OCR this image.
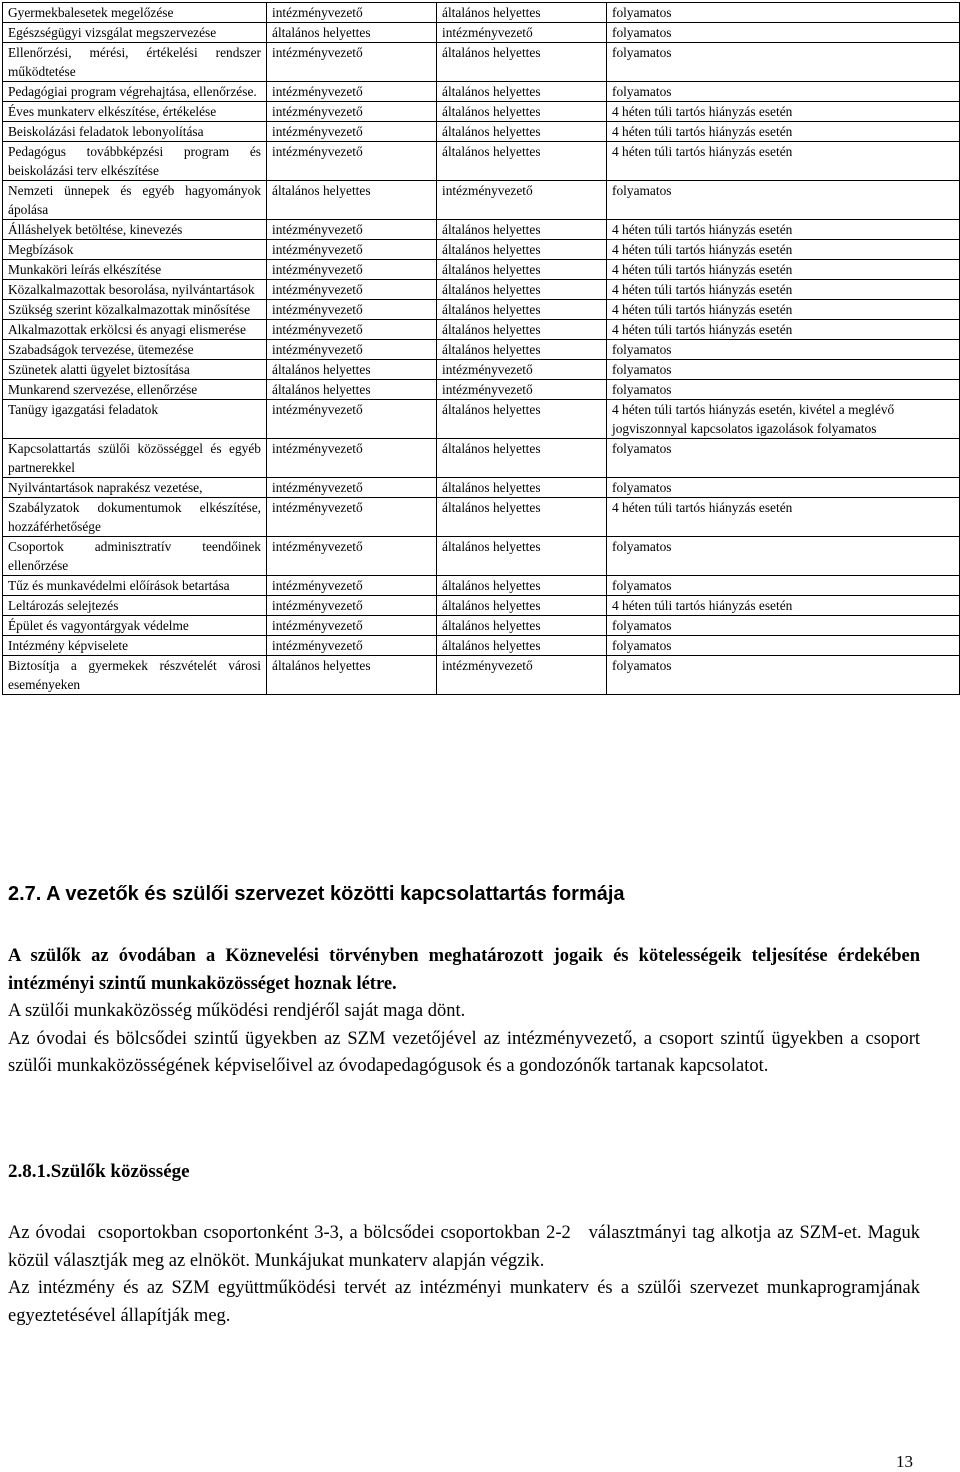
Gyermekbalesetek megelőzése	intézményvezető	általános helyettes	folyamatos
Egészségügyi vizsgálat megszervezése	általános helyettes	intézményvezető	folyamatos
Ellenőrzési, mérési, értékelési rendszer működtetése	intézményvezető	általános helyettes	folyamatos
Pedagógiai program végrehajtása, ellenőrzése.	intézményvezető	általános helyettes	folyamatos
Éves munkaterv elkészítése, értékelése	intézményvezető	általános helyettes	4 héten túli tartós hiányzás esetén
Beiskolázási feladatok lebonyolítása	intézményvezető	általános helyettes	4 héten túli tartós hiányzás esetén
Pedagógus továbbképzési program és beiskolázási terv elkészítése	intézményvezető	általános helyettes	4 héten túli tartós hiányzás esetén
Nemzeti ünnepek és egyéb hagyományok ápolása	általános helyettes	intézményvezető	folyamatos
Álláshelyek betöltése, kinevezés	intézményvezető	általános helyettes	4 héten túli tartós hiányzás esetén
Megbízások	intézményvezető	általános helyettes	4 héten túli tartós hiányzás esetén
Munkaköri leírás elkészítése	intézményvezető	általános helyettes	4 héten túli tartós hiányzás esetén
Közalkalmazottak besorolása, nyilvántartások	intézményvezető	általános helyettes	4 héten túli tartós hiányzás esetén
Szükség szerint közalkalmazottak minősítése	intézményvezető	általános helyettes	4 héten túli tartós hiányzás esetén
Alkalmazottak erkölcsi és anyagi elismerése	intézményvezető	általános helyettes	4 héten túli tartós hiányzás esetén
Szabadságok tervezése, ütemezése	intézményvezető	általános helyettes	folyamatos
Szünetek alatti ügyelet biztosítása	általános helyettes	intézményvezető	folyamatos
Munkarend szervezése, ellenőrzése	általános helyettes	intézményvezető	folyamatos
Tanügy igazgatási feladatok	intézményvezető	általános helyettes	4 héten túli tartós hiányzás esetén, kivétel a meglévő jogviszonnyal kapcsolatos igazolások folyamatos
Kapcsolattartás szülői közösséggel és egyéb partnerekkel	intézményvezető	általános helyettes	folyamatos
Nyilvántartások naprakész vezetése,	intézményvezető	általános helyettes	folyamatos
Szabályzatok dokumentumok elkészítése, hozzáférhetősége	intézményvezető	általános helyettes	4 héten túli tartós hiányzás esetén
Csoportok adminisztratív teendőinek ellenőrzése	intézményvezető	általános helyettes	folyamatos
Tűz és munkavédelmi előírások betartása	intézményvezető	általános helyettes	folyamatos
Leltározás selejtezés	intézményvezető	általános helyettes	4 héten túli tartós hiányzás esetén
Épület és vagyontárgyak védelme	intézményvezető	általános helyettes	folyamatos
Intézmény képviselete	intézményvezető	általános helyettes	folyamatos
Biztosítja a gyermekek részvételét városi eseményeken	általános helyettes	intézményvezető	folyamatos
2.7. A vezetők és szülői szervezet közötti kapcsolattartás formája

A szülők az óvodában a Köznevelési törvényben meghatározott jogaik és kötelességeik teljesítése érdekében intézményi szintű munkaközösséget hoznak létre.

A szülői munkaközösség működési rendjéről saját maga dönt.

Az óvodai és bölcsődei szintű ügyekben az SZM vezetőjével az intézményvezető, a csoport szintű ügyekben a csoport szülői munkaközösségének képviselőivel az óvodapedagógusok és a gondozónők tartanak kapcsolatot.

2.8.1.Szülők közössége

Az óvodai  csoportokban csoportonként 3-3, a bölcsődei csoportokban 2-2   választmányi tag alkotja az SZM-et. Maguk közül választják meg az elnököt. Munkájukat munkaterv alapján végzik.

Az intézmény és az SZM együttműködési tervét az intézményi munkaterv és a szülői szervezet munkaprogramjának egyeztetésével állapítják meg.

13
